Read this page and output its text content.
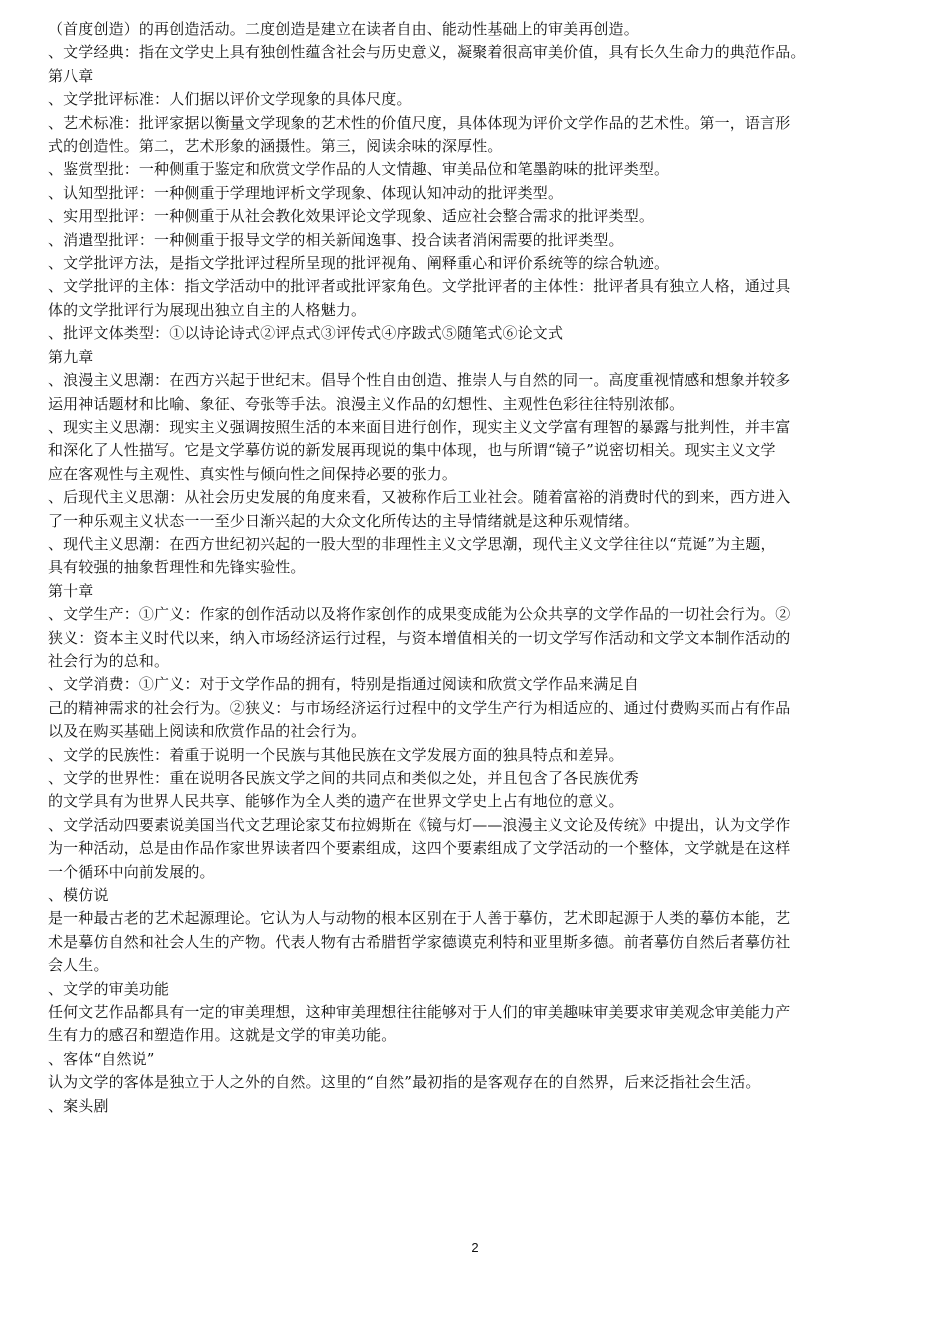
（首度创造）的再创造活动。二度创造是建立在读者自由、能动性基础上的审美再创造。
、文学经典：指在文学史上具有独创性蕴含社会与历史意义，凝聚着很高审美价值，具有长久生命力的典范作品。
第八章
、文学批评标准：人们据以评价文学现象的具体尺度。
、艺术标准：批评家据以衡量文学现象的艺术性的价值尺度，具体体现为评价文学作品的艺术性。第一，语言形
式的创造性。第二，艺术形象的涵摄性。第三，阅读余味的深厚性。
、鉴赏型批：一种侧重于鉴定和欣赏文学作品的人文情趣、审美品位和笔墨韵味的批评类型。
、认知型批评：一种侧重于学理地评析文学现象、体现认知冲动的批评类型。
、实用型批评：一种侧重于从社会教化效果评论文学现象、适应社会整合需求的批评类型。
、消遣型批评：一种侧重于报导文学的相关新闻逸事、投合读者消闲需要的批评类型。
、文学批评方法，是指文学批评过程所呈现的批评视角、阐释重心和评价系统等的综合轨迹。
、文学批评的主体：指文学活动中的批评者或批评家角色。文学批评者的主体性：批评者具有独立人格，通过具
体的文学批评行为展现出独立自主的人格魅力。
、批评文体类型：①以诗论诗式②评点式③评传式④序跋式⑤随笔式⑥论文式
第九章
、浪漫主义思潮：在西方兴起于世纪末。倡导个性自由创造、推崇人与自然的同一。高度重视情感和想象并较多
运用神话题材和比喻、象征、夸张等手法。浪漫主义作品的幻想性、主观性色彩往往特别浓郁。
、现实主义思潮：现实主义强调按照生活的本来面目进行创作，现实主义文学富有理智的暴露与批判性，并丰富
和深化了人性描写。它是文学摹仿说的新发展再现说的集中体现，也与所谓“镜子”说密切相关。现实主义文学
应在客观性与主观性、真实性与倾向性之间保持必要的张力。
、后现代主义思潮：从社会历史发展的角度来看，又被称作后工业社会。随着富裕的消费时代的到来，西方进入
了一种乐观主义状态一一至少日渐兴起的大众文化所传达的主导情绪就是这种乐观情绪。
、现代主义思潮：在西方世纪初兴起的一股大型的非理性主义文学思潮，现代主义文学往往以“荒诞”为主题，
具有较强的抽象哲理性和先锋实验性。
第十章
、文学生产：①广义：作家的创作活动以及将作家创作的成果变成能为公众共享的文学作品的一切社会行为。②
狭义：资本主义时代以来，纳入市场经济运行过程，与资本增值相关的一切文学写作活动和文学文本制作活动的
社会行为的总和。
、文学消费：①广义：对于文学作品的拥有，特别是指通过阅读和欣赏文学作品来满足自
己的精神需求的社会行为。②狭义：与市场经济运行过程中的文学生产行为相适应的、通过付费购买而占有作品
以及在购买基础上阅读和欣赏作品的社会行为。
、文学的民族性：着重于说明一个民族与其他民族在文学发展方面的独具特点和差异。
、文学的世界性：重在说明各民族文学之间的共同点和类似之处，并且包含了各民族优秀
的文学具有为世界人民共享、能够作为全人类的遗产在世界文学史上占有地位的意义。
、文学活动四要素说美国当代文艺理论家艾布拉姆斯在《镜与灯——浪漫主义文论及传统》中提出，认为文学作
为一种活动，总是由作品作家世界读者四个要素组成，这四个要素组成了文学活动的一个整体，文学就是在这样
一个循环中向前发展的。
、模仿说
是一种最古老的艺术起源理论。它认为人与动物的根本区别在于人善于摹仿，艺术即起源于人类的摹仿本能，艺
术是摹仿自然和社会人生的产物。代表人物有古希腊哲学家德谟克利特和亚里斯多德。前者摹仿自然后者摹仿社
会人生。
、文学的审美功能
任何文艺作品都具有一定的审美理想，这种审美理想往往能够对于人们的审美趣味审美要求审美观念审美能力产
生有力的感召和塑造作用。这就是文学的审美功能。
、客体“自然说”
认为文学的客体是独立于人之外的自然。这里的“自然”最初指的是客观存在的自然界，后来泛指社会生活。
、案头剧
2
